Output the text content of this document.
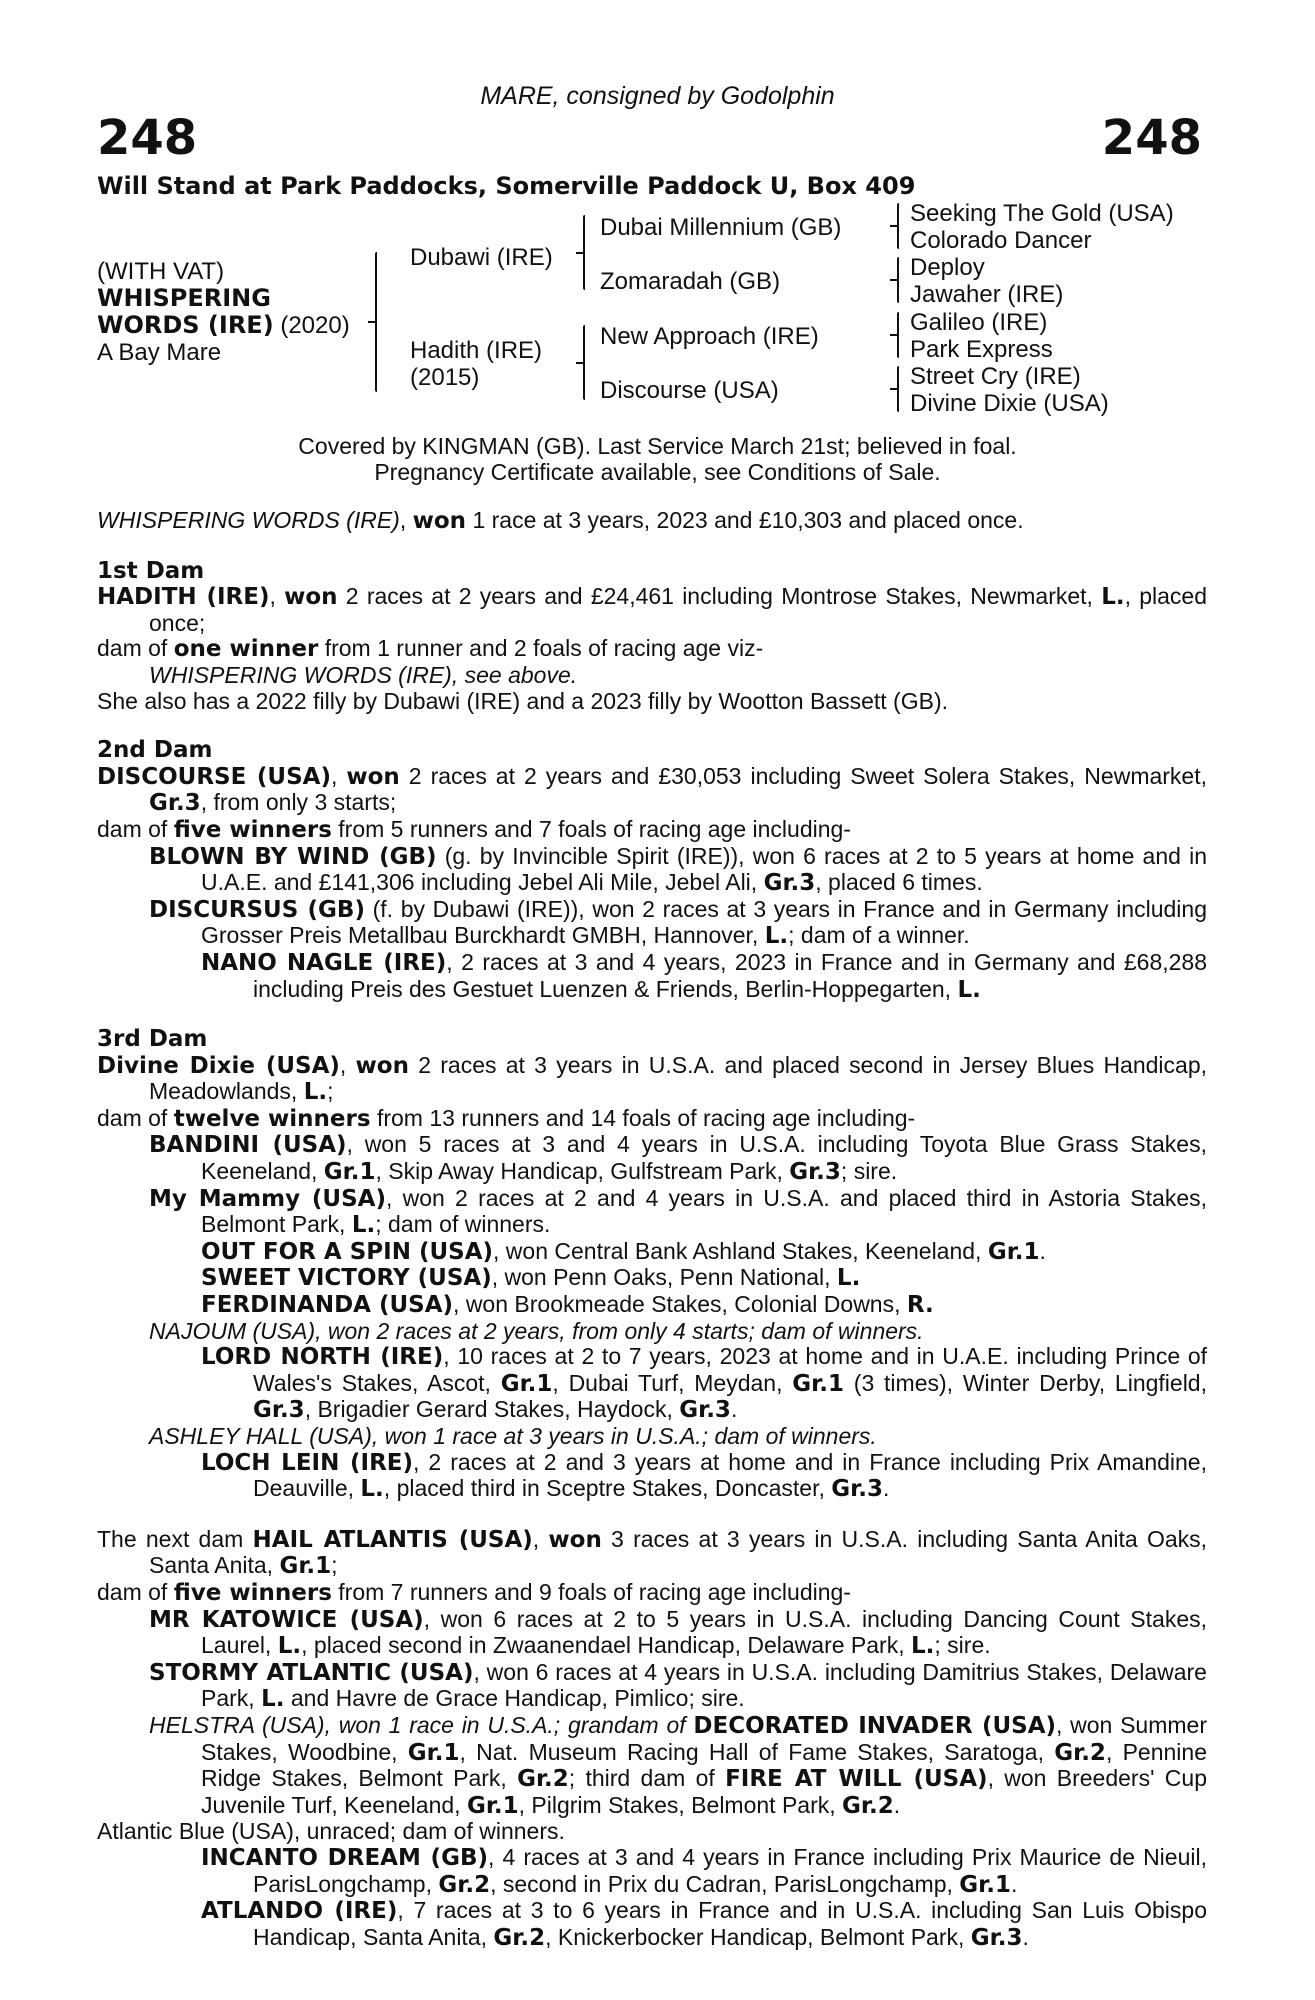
248	248
MARE, consigned by Godolphin
Will Stand at Park Paddocks, Somerville Paddock U, Box 409
(WITH VAT)
WHISPERING
WORDS (IRE) (2020)
A Bay Mare
Dubawi (IRE)
Hadith (IRE)
(2015)
Dubai Millennium (GB)
Zomaradah (GB)
New Approach (IRE)
Discourse (USA)
Seeking The Gold (USA)
Colorado Dancer
Deploy
Jawaher (IRE)
Galileo (IRE)
Park Express
Street Cry (IRE)
Divine Dixie (USA)
Covered by KINGMAN (GB). Last Service March 21st; believed in foal.
Pregnancy Certificate available, see Conditions of Sale.

WHISPERING WORDS (IRE), won 1 race at 3 years, 2023 and £10,303 and placed once.

1st Dam

HADITH (IRE), won 2 races at 2 years and £24,461 including Montrose Stakes, Newmarket, L., placed once;

dam of one winner from 1 runner and 2 foals of racing age viz-

WHISPERING WORDS (IRE), see above.

She also has a 2022 filly by Dubawi (IRE) and a 2023 filly by Wootton Bassett (GB).

2nd Dam

DISCOURSE (USA), won 2 races at 2 years and £30,053 including Sweet Solera Stakes, Newmarket, Gr.3, from only 3 starts;

dam of five winners from 5 runners and 7 foals of racing age including-

BLOWN BY WIND (GB) (g. by Invincible Spirit (IRE)), won 6 races at 2 to 5 years at home and in U.A.E. and £141,306 including Jebel Ali Mile, Jebel Ali, Gr.3, placed 6 times.

DISCURSUS (GB) (f. by Dubawi (IRE)), won 2 races at 3 years in France and in Germany including Grosser Preis Metallbau Burckhardt GMBH, Hannover, L.; dam of a winner.

NANO NAGLE (IRE), 2 races at 3 and 4 years, 2023 in France and in Germany and £68,288 including Preis des Gestuet Luenzen & Friends, Berlin-Hoppegarten, L.

3rd Dam

Divine Dixie (USA), won 2 races at 3 years in U.S.A. and placed second in Jersey Blues Handicap, Meadowlands, L.;

dam of twelve winners from 13 runners and 14 foals of racing age including-

BANDINI (USA), won 5 races at 3 and 4 years in U.S.A. including Toyota Blue Grass Stakes, Keeneland, Gr.1, Skip Away Handicap, Gulfstream Park, Gr.3; sire.

My Mammy (USA), won 2 races at 2 and 4 years in U.S.A. and placed third in Astoria Stakes, Belmont Park, L.; dam of winners.

OUT FOR A SPIN (USA), won Central Bank Ashland Stakes, Keeneland, Gr.1.

SWEET VICTORY (USA), won Penn Oaks, Penn National, L.

FERDINANDA (USA), won Brookmeade Stakes, Colonial Downs, R.

NAJOUM (USA), won 2 races at 2 years, from only 4 starts; dam of winners.

LORD NORTH (IRE), 10 races at 2 to 7 years, 2023 at home and in U.A.E. including Prince of Wales's Stakes, Ascot, Gr.1, Dubai Turf, Meydan, Gr.1 (3 times), Winter Derby, Lingfield, Gr.3, Brigadier Gerard Stakes, Haydock, Gr.3.

ASHLEY HALL (USA), won 1 race at 3 years in U.S.A.; dam of winners.

LOCH LEIN (IRE), 2 races at 2 and 3 years at home and in France including Prix Amandine, Deauville, L., placed third in Sceptre Stakes, Doncaster, Gr.3.

The next dam HAIL ATLANTIS (USA), won 3 races at 3 years in U.S.A. including Santa Anita Oaks, Santa Anita, Gr.1;

dam of five winners from 7 runners and 9 foals of racing age including-

MR KATOWICE (USA), won 6 races at 2 to 5 years in U.S.A. including Dancing Count Stakes, Laurel, L., placed second in Zwaanendael Handicap, Delaware Park, L.; sire.

STORMY ATLANTIC (USA), won 6 races at 4 years in U.S.A. including Damitrius Stakes, Delaware Park, L. and Havre de Grace Handicap, Pimlico; sire.

HELSTRA (USA), won 1 race in U.S.A.; grandam of DECORATED INVADER (USA), won Summer Stakes, Woodbine, Gr.1, Nat. Museum Racing Hall of Fame Stakes, Saratoga, Gr.2, Pennine Ridge Stakes, Belmont Park, Gr.2; third dam of FIRE AT WILL (USA), won Breeders' Cup Juvenile Turf, Keeneland, Gr.1, Pilgrim Stakes, Belmont Park, Gr.2.

Atlantic Blue (USA), unraced; dam of winners.

INCANTO DREAM (GB), 4 races at 3 and 4 years in France including Prix Maurice de Nieuil, ParisLongchamp, Gr.2, second in Prix du Cadran, ParisLongchamp, Gr.1.

ATLANDO (IRE), 7 races at 3 to 6 years in France and in U.S.A. including San Luis Obispo Handicap, Santa Anita, Gr.2, Knickerbocker Handicap, Belmont Park, Gr.3.
